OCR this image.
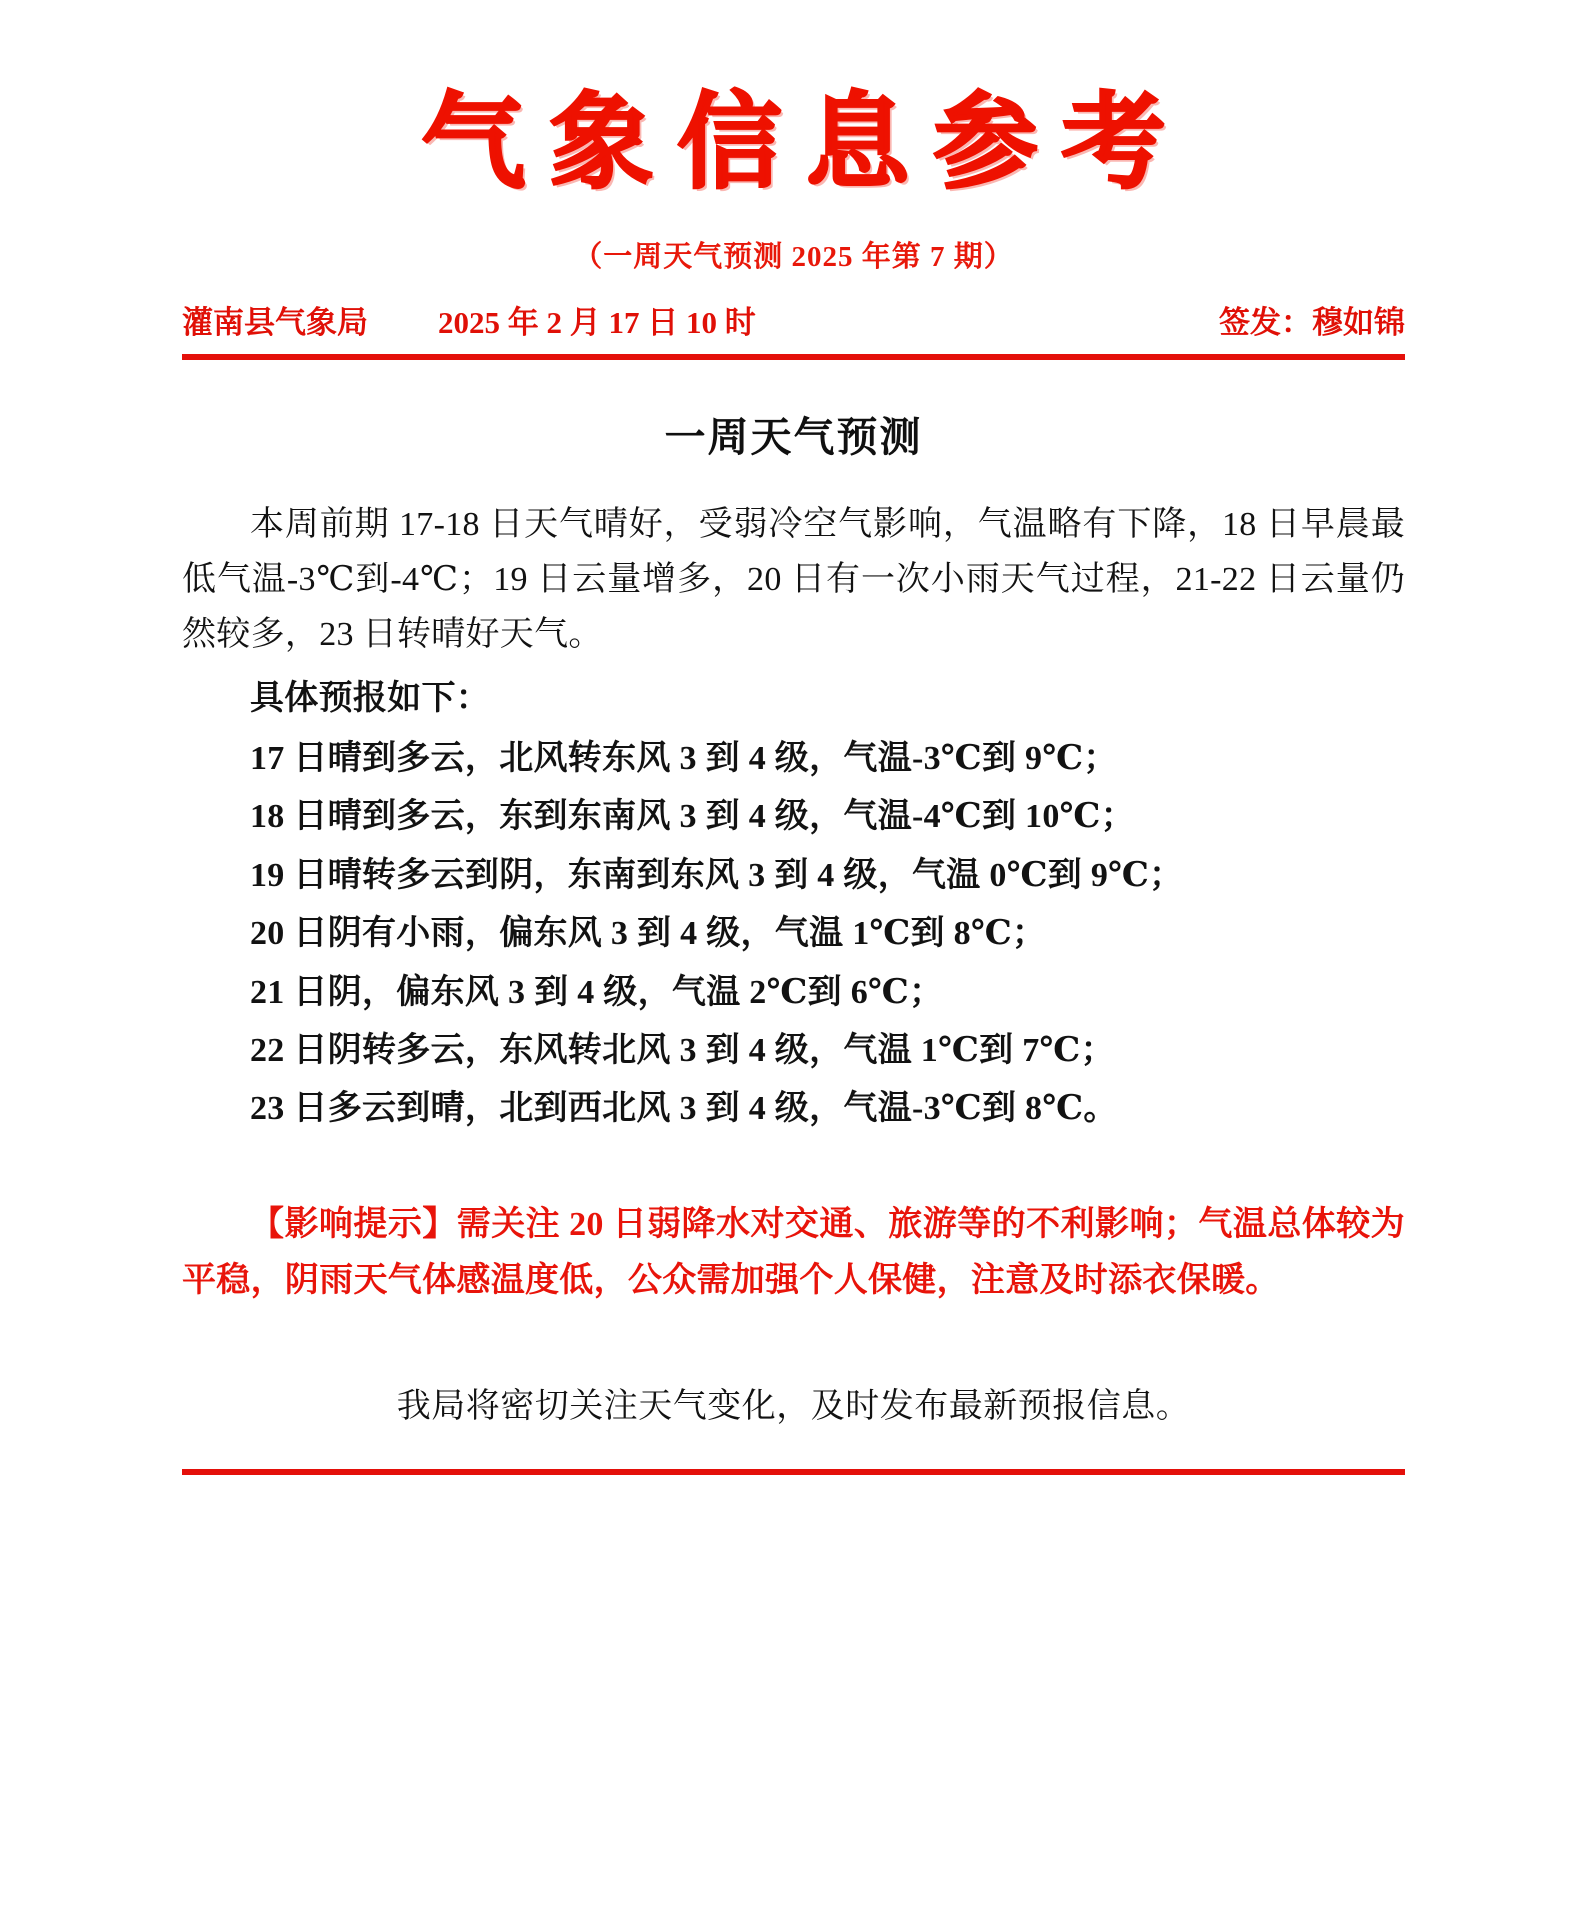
气象信息参考
（一周天气预测 2025 年第 7 期）
灌南县气象局 2025 年 2 月 17 日 10 时	签发：穆如锦
一周天气预测

本周前期 17-18 日天气晴好，受弱冷空气影响，气温略有下降，18 日早晨最低气温-3℃到-4℃；19 日云量增多，20 日有一次小雨天气过程，21-22 日云量仍然较多，23 日转晴好天气。

具体预报如下：

17 日晴到多云，北风转东风 3 到 4 级，气温-3℃到 9℃；
18 日晴到多云，东到东南风 3 到 4 级，气温-4℃到 10℃；
19 日晴转多云到阴，东南到东风 3 到 4 级，气温 0℃到 9℃；
20 日阴有小雨，偏东风 3 到 4 级，气温 1℃到 8℃；
21 日阴，偏东风 3 到 4 级，气温 2℃到 6℃；
22 日阴转多云，东风转北风 3 到 4 级，气温 1℃到 7℃；
23 日多云到晴，北到西北风 3 到 4 级，气温-3℃到 8℃。

【影响提示】需关注 20 日弱降水对交通、旅游等的不利影响；气温总体较为平稳，阴雨天气体感温度低，公众需加强个人保健，注意及时添衣保暖。

我局将密切关注天气变化，及时发布最新预报信息。
